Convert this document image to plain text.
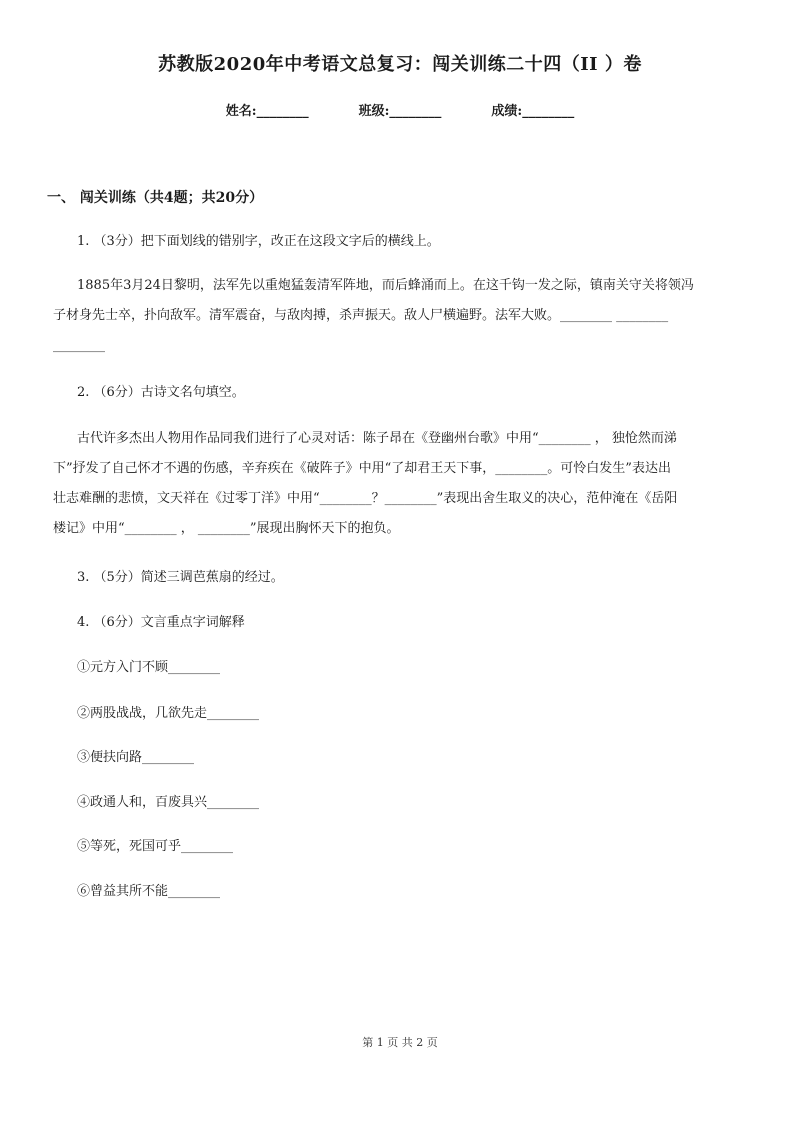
苏教版2020年中考语文总复习：闯关训练二十四（II ）卷
姓名:________	班级:________	成绩:________
一、 闯关训练（共4题；共20分）
1. （3分）把下面划线的错别字，改正在这段文字后的横线上。

1885年3月24日黎明，法军先以重炮猛轰清军阵地，而后蜂涌而上。在这千钩一发之际，镇南关守关将领冯

子材身先士卒，扑向敌军。清军震奋，与敌肉搏，杀声振天。敌人尸横遍野。法军大败。________ ________
________
2. （6分）古诗文名句填空。

古代许多杰出人物用作品同我们进行了心灵对话：陈子昂在《登幽州台歌》中用“________ ， 独怆然而涕

下”抒发了自己怀才不遇的伤感，辛弃疾在《破阵子》中用“了却君王天下事，________。可怜白发生”表达出
壮志难酬的悲愤，文天祥在《过零丁洋》中用“________？________”表现出舍生取义的决心，范仲淹在《岳阳
楼记》中用“________ ， ________”展现出胸怀天下的抱负。
3. （5分）简述三调芭蕉扇的经过。
4. （6分）文言重点字词解释
①元方入门不顾________
②两股战战，几欲先走________
③便扶向路________
④政通人和，百废具兴________
⑤等死，死国可乎________
⑥曾益其所不能________
第 1 页 共 2 页
